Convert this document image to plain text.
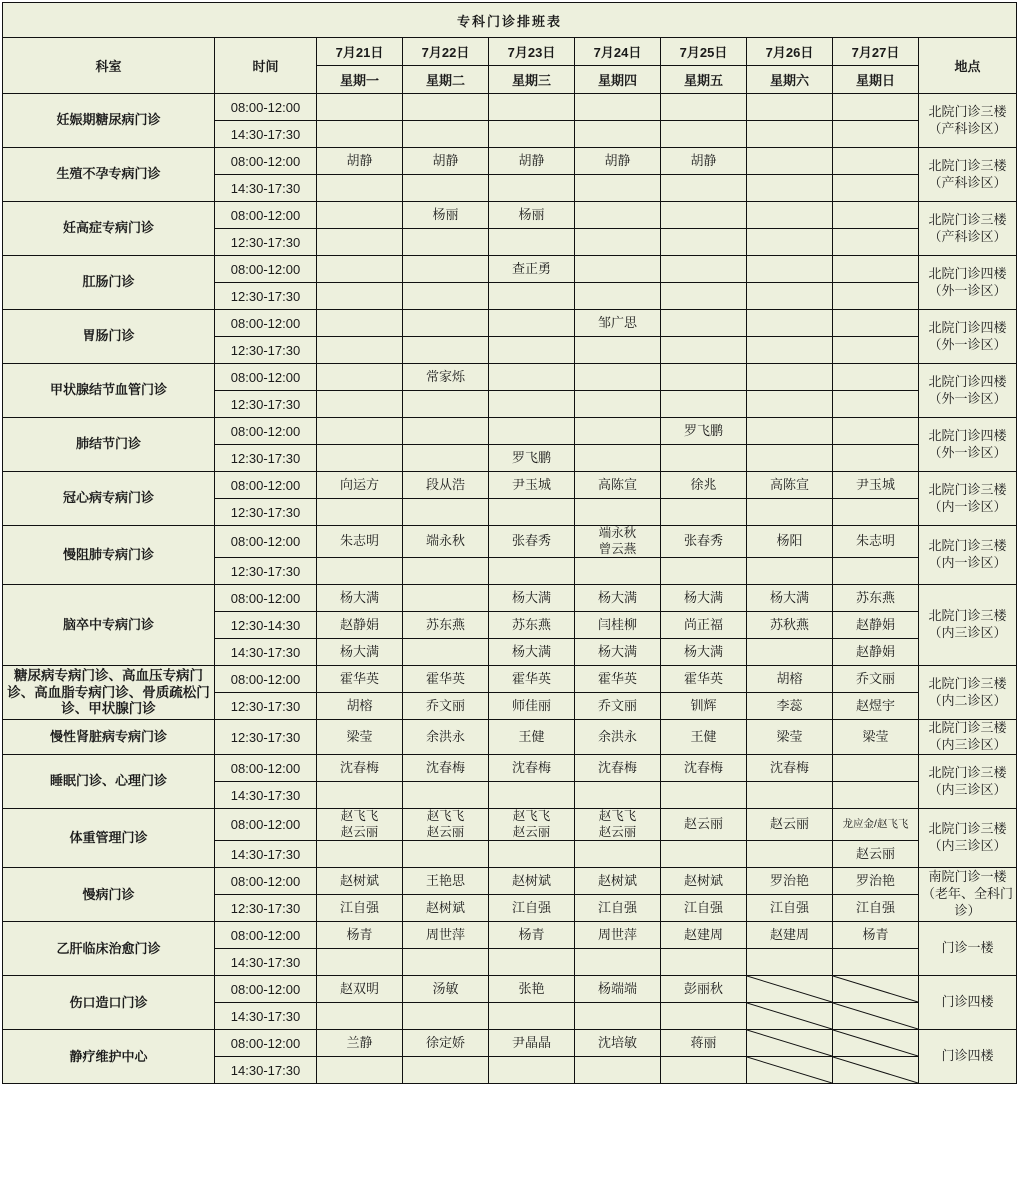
专科门诊排班表									
科室	时间	7月21日	7月22日	7月23日	7月24日	7月25日	7月26日	7月27日	地点
		星期一	星期二	星期三	星期四	星期五	星期六	星期日	
妊娠期糖尿病门诊	08:00-12:00								北院门诊三楼
（产科诊区）

	14:30-17:30								
生殖不孕专病门诊	08:00-12:00	胡静	胡静	胡静	胡静	胡静			北院门诊三楼
（产科诊区）

	14:30-17:30								
妊高症专病门诊	08:00-12:00		杨丽	杨丽					北院门诊三楼
（产科诊区）

	12:30-17:30								
肛肠门诊	08:00-12:00			查正勇					北院门诊四楼
（外一诊区）

	12:30-17:30								
胃肠门诊	08:00-12:00				邹广思				北院门诊四楼
（外一诊区）

	12:30-17:30								
甲状腺结节血管门诊	08:00-12:00		常家烁						北院门诊四楼
（外一诊区）

	12:30-17:30								
肺结节门诊	08:00-12:00					罗飞鹏			北院门诊四楼
（外一诊区）

	12:30-17:30			罗飞鹏					
冠心病专病门诊	08:00-12:00	向运方	段从浩	尹玉城	高陈宣	徐兆	高陈宣	尹玉城	北院门诊三楼
（内一诊区）

	12:30-17:30								
慢阻肺专病门诊	08:00-12:00	朱志明	端永秋	张春秀	端永秋
曾云燕	张春秀	杨阳	朱志明	北院门诊三楼
（内一诊区）

	12:30-17:30								
脑卒中专病门诊	08:00-12:00	杨大满		杨大满	杨大满	杨大满	杨大满	苏东燕	北院门诊三楼
（内三诊区）

	12:30-14:30	赵静娟	苏东燕	苏东燕	闫桂柳	尚正福	苏秋燕	赵静娟	
	14:30-17:30	杨大满		杨大满	杨大满	杨大满		赵静娟	
糖尿病专病门诊、高血压专病门诊、高血脂专病门诊、骨质疏松门诊、甲状腺门诊	08:00-12:00	霍华英	霍华英	霍华英	霍华英	霍华英	胡榕	乔文丽	北院门诊三楼
（内二诊区）

	12:30-17:30	胡榕	乔文丽	师佳丽	乔文丽	钏辉	李蕊	赵煜宇	
慢性肾脏病专病门诊	12:30-17:30	梁莹	余洪永	王健	余洪永	王健	梁莹	梁莹	北院门诊三楼
（内三诊区）

睡眠门诊、心理门诊	08:00-12:00	沈春梅	沈春梅	沈春梅	沈春梅	沈春梅	沈春梅		北院门诊三楼
（内三诊区）

	14:30-17:30								
体重管理门诊	08:00-12:00	赵飞飞
赵云丽	赵飞飞
赵云丽	赵飞飞
赵云丽	赵飞飞
赵云丽	赵云丽	赵云丽	龙应金/赵飞飞	北院门诊三楼
（内三诊区）

	14:30-17:30							赵云丽	
慢病门诊	08:00-12:00	赵树斌	王艳思	赵树斌	赵树斌	赵树斌	罗治艳	罗治艳	南院门诊一楼
（老年、全科门诊）

	12:30-17:30	江自强	赵树斌	江自强	江自强	江自强	江自强	江自强	
乙肝临床治愈门诊	08:00-12:00	杨青	周世萍	杨青	周世萍	赵建周	赵建周	杨青	门诊一楼

	14:30-17:30								
伤口造口门诊	08:00-12:00	赵双明	汤敏	张艳	杨端端	彭丽秋			门诊四楼

	14:30-17:30						

静疗维护中心	08:00-12:00	兰静	徐定娇	尹晶晶	沈培敏	蒋丽			门诊四楼

	14:30-17:30						
